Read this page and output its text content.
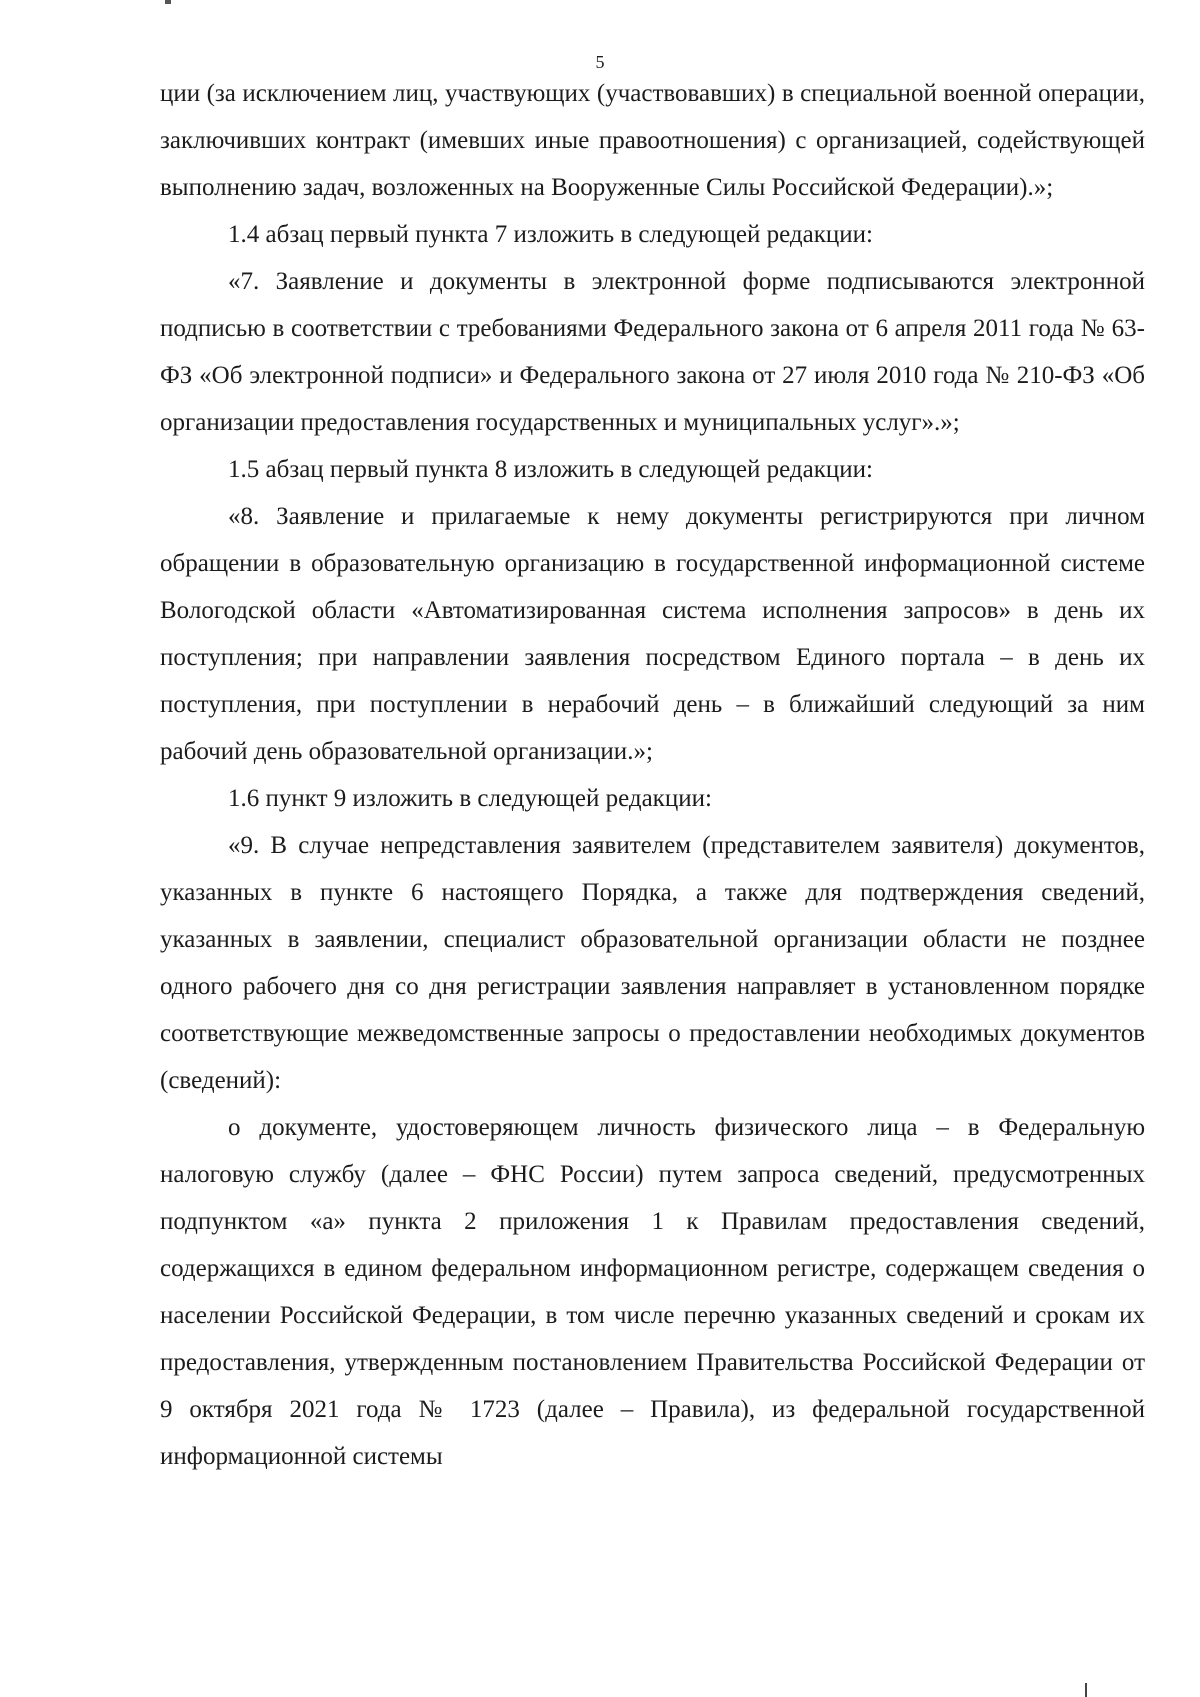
5

ции (за исключением лиц, участвующих (участвовавших) в специальной военной операции, заключивших контракт (имевших иные правоотношения) с организацией, содействующей выполнению задач, возложенных на Вооруженные Силы Российской Федерации).»;

1.4 абзац первый пункта 7 изложить в следующей редакции:

«7. Заявление и документы в электронной форме подписываются электронной подписью в соответствии с требованиями Федерального закона от 6 апреля 2011 года № 63-ФЗ «Об электронной подписи» и Федерального закона от 27 июля 2010 года № 210-ФЗ «Об организации предоставления государственных и муниципальных услуг».»;

1.5 абзац первый пункта 8 изложить в следующей редакции:

«8. Заявление и прилагаемые к нему документы регистрируются при личном обращении в образовательную организацию в государственной информационной системе Вологодской области «Автоматизированная система исполнения запросов» в день их поступления; при направлении заявления посредством Единого портала – в день их поступления, при поступлении в нерабочий день – в ближайший следующий за ним рабочий день образовательной организации.»;

1.6 пункт 9 изложить в следующей редакции:

«9. В случае непредставления заявителем (представителем заявителя) документов, указанных в пункте 6 настоящего Порядка, а также для подтверждения сведений, указанных в заявлении, специалист образовательной организации области не позднее одного рабочего дня со дня регистрации заявления направляет в установленном порядке соответствующие межведомственные запросы о предоставлении необходимых документов (сведений):

о документе, удостоверяющем личность физического лица – в Федеральную налоговую службу (далее – ФНС России) путем запроса сведений, предусмотренных подпунктом «а» пункта 2 приложения 1 к Правилам предоставления сведений, содержащихся в едином федеральном информационном регистре, содержащем сведения о населении Российской Федерации, в том числе перечню указанных сведений и срокам их предоставления, утвержденным постановлением Правительства Российской Федерации от 9 октября 2021 года № 1723 (далее – Правила), из федеральной государственной информационной системы
